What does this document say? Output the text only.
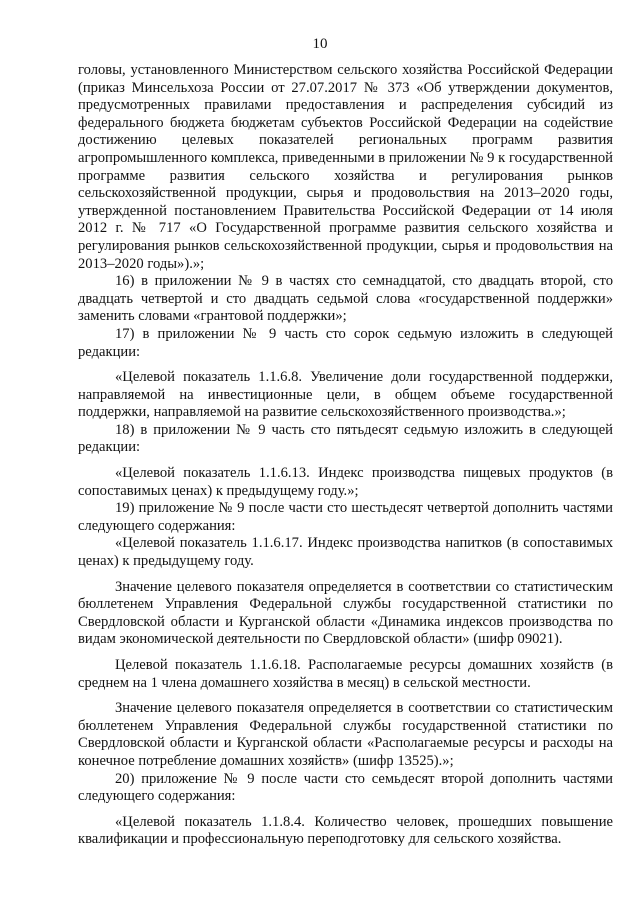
10

головы, установленного Министерством сельского хозяйства Российской Федерации (приказ Минсельхоза России от 27.07.2017 № 373 «Об утверждении документов, предусмотренных правилами предоставления и распределения субсидий из федерального бюджета бюджетам субъектов Российской Федерации на содействие достижению целевых показателей региональных программ развития агропромышленного комплекса, приведенными в приложении № 9 к государственной программе развития сельского хозяйства и регулирования рынков сельскохозяйственной продукции, сырья и продовольствия на 2013–2020 годы, утвержденной постановлением Правительства Российской Федерации от 14 июля 2012 г. № 717 «О Государственной программе развития сельского хозяйства и регулирования рынков сельскохозяйственной продукции, сырья и продовольствия на 2013–2020 годы»).»;

16) в приложении № 9 в частях сто семнадцатой, сто двадцать второй, сто двадцать четвертой и сто двадцать седьмой слова «государственной поддержки» заменить словами «грантовой поддержки»;

17) в приложении № 9 часть сто сорок седьмую изложить в следующей редакции:

«Целевой показатель 1.1.6.8. Увеличение доли государственной поддержки, направляемой на инвестиционные цели, в общем объеме государственной поддержки, направляемой на развитие сельскохозяйственного производства.»;

18) в приложении № 9 часть сто пятьдесят седьмую изложить в следующей редакции:

«Целевой показатель 1.1.6.13. Индекс производства пищевых продуктов (в сопоставимых ценах) к предыдущему году.»;

19) приложение № 9 после части сто шестьдесят четвертой дополнить частями следующего содержания:

«Целевой показатель 1.1.6.17. Индекс производства напитков (в сопоставимых ценах) к предыдущему году.

Значение целевого показателя определяется в соответствии со статистическим бюллетенем Управления Федеральной службы государственной статистики по Свердловской области и Курганской области «Динамика индексов производства по видам экономической деятельности по Свердловской области» (шифр 09021).

Целевой показатель 1.1.6.18. Располагаемые ресурсы домашних хозяйств (в среднем на 1 члена домашнего хозяйства в месяц) в сельской местности.

Значение целевого показателя определяется в соответствии со статистическим бюллетенем Управления Федеральной службы государственной статистики по Свердловской области и Курганской области «Располагаемые ресурсы и расходы на конечное потребление домашних хозяйств» (шифр 13525).»;

20) приложение № 9 после части сто семьдесят второй дополнить частями следующего содержания:

«Целевой показатель 1.1.8.4. Количество человек, прошедших повышение квалификации и профессиональную переподготовку для сельского хозяйства.
